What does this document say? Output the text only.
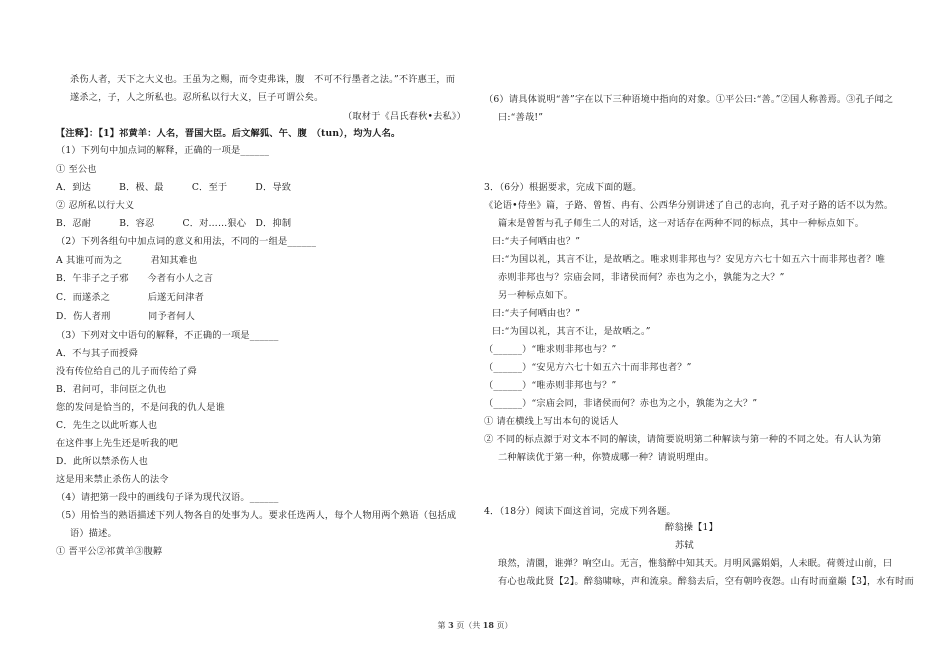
杀伤人者，天下之大义也。王虽为之赐，而令吏弗诛，腹　不可不行墨者之法。”不许惠王，而
遂杀之，子，人之所私也。忍所私以行大义，巨子可谓公矣。
（取材于《吕氏春秋•去私》）
【注释】：【1】祁黄羊：人名，晋国大臣。后文解狐、午、腹　（tun），均为人名。
（1）下列句中加点词的解释，正确的一项是______
① 至公也
A．到达　　　B．极、最　　　C．至于　　　D．导致
② 忍所私以行大义
B．忍耐　　　B．容忍　　　C．对……狠心　D．抑制
（2）下列各组句中加点词的意义和用法，不同的一组是______
A 其谁可而为之　　　君知其难也
B．午非子之子邪　　今者有小人之言
C．而遂杀之　　　　后遂无问津者
D．伤人者刑　　　　同予者何人
（3）下列对文中语句的解释，不正确的一项是______
A．不与其子而授舜
没有传位给自己的儿子而传给了舜
B．君问可，非问臣之仇也
您的发问是恰当的，不是问我的仇人是谁
C．先生之以此听寡人也
在这件事上先生还是听我的吧
D．此所以禁杀伤人也
这是用来禁止杀伤人的法令
（4）请把第一段中的画线句子译为现代汉语。______
（5）用恰当的熟语描述下列人物各自的处事为人。要求任选两人，每个人物用两个熟语（包括成
语）描述。
① 晋平公②祁黄羊③腹䵍
（6）请具体说明“善”字在以下三种语境中指向的对象。①平公曰:“善。”②国人称善焉。③孔子闻之
曰:“善哉!”
3．（6分）根据要求，完成下面的题。
《论语•侍坐》篇，子路、曾皙、冉有、公西华分别讲述了自己的志向，孔子对子路的话不以为然。
篇末是曾皙与孔子师生二人的对话，这一对话存在两种不同的标点，其中一种标点如下。
曰:“夫子何哂由也？”
曰:“为国以礼，其言不让，是故哂之。唯求则非邦也与？安见方六七十如五六十而非邦也者？唯
赤则非邦也与？宗庙会同，非诸侯而何？赤也为之小，孰能为之大？”
另一种标点如下。
曰:“夫子何哂由也？”
曰:“为国以礼，其言不让，是故哂之。”
（______）“唯求则非邦也与？”
（______）“安见方六七十如五六十而非邦也者？”
（______）“唯赤则非邦也与？”
（______）“宗庙会同，非诸侯而何？赤也为之小，孰能为之大？”
① 请在横线上写出本句的说话人
② 不同的标点源于对文本不同的解读，请简要说明第二种解读与第一种的不同之处。有人认为第
二种解读优于第一种，你赞成哪一种？请说明理由。
4．（18分）阅读下面这首词，完成下列各题。
醉翁操【1】
苏轼
琅然，清圜，谁弹？响空山。无言，惟翁醉中知其天。月明风露娟娟，人未眠。荷蒉过山前，曰
有心也哉此贤【2】。醉翁啸咏，声和流泉。醉翁去后，空有朝吟夜怨。山有时而童巅【3】，水有时而
第 3 页（共 18 页）
